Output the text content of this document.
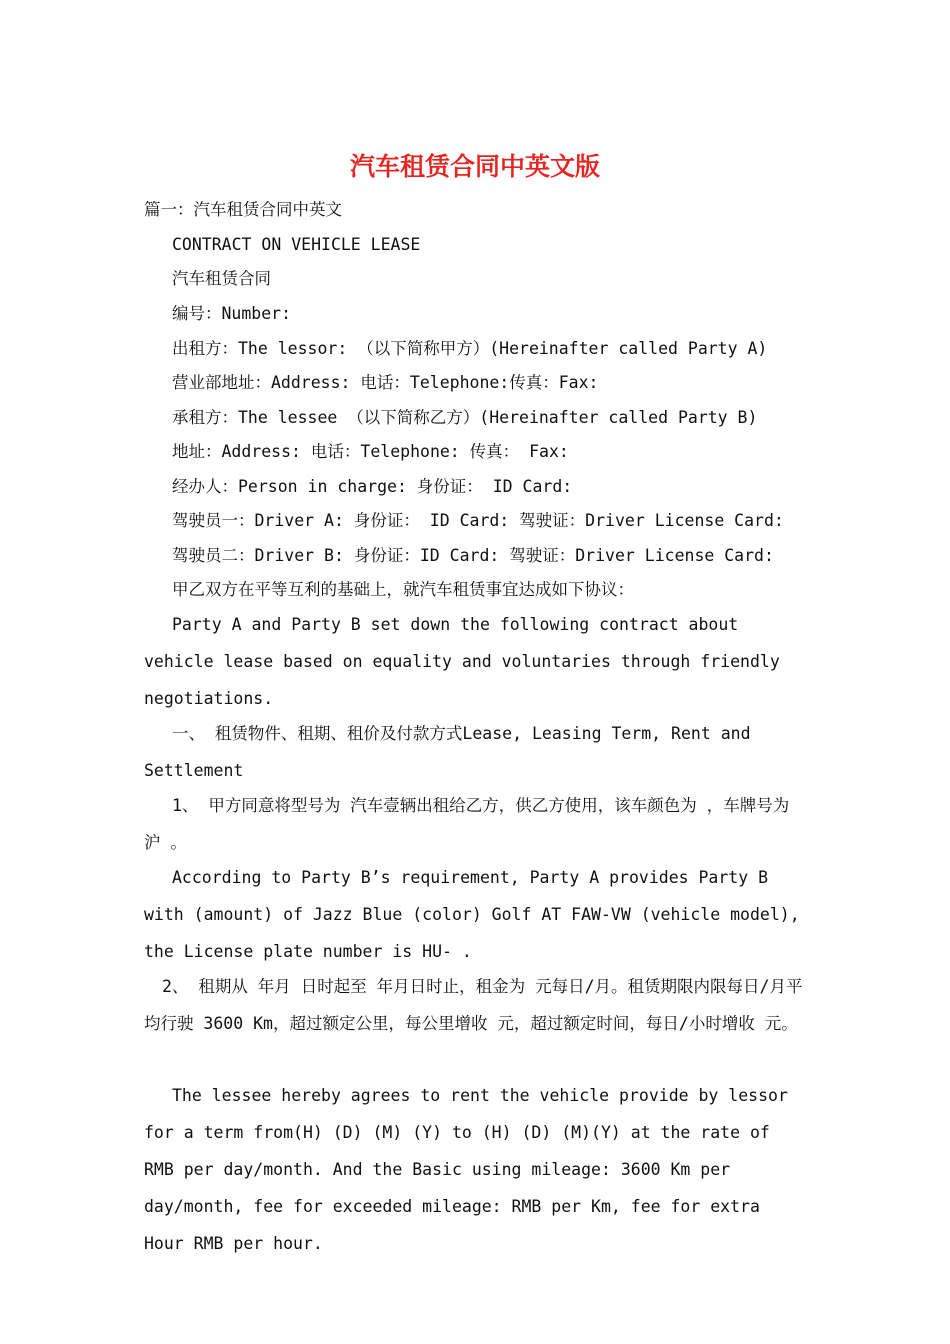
汽车租赁合同中英文版

篇一：汽车租赁合同中英文

CONTRACT ON VEHICLE LEASE

汽车租赁合同

编号：Number:

出租方：The lessor: （以下简称甲方）(Hereinafter called Party A)

营业部地址：Address: 电话：Telephone:传真：Fax:

承租方：The lessee （以下简称乙方）(Hereinafter called Party B)

地址：Address: 电话：Telephone: 传真： Fax:

经办人：Person in charge: 身份证： ID Card:

驾驶员一：Driver A: 身份证： ID Card: 驾驶证：Driver License Card:

驾驶员二：Driver B: 身份证：ID Card: 驾驶证：Driver License Card:

甲乙双方在平等互利的基础上，就汽车租赁事宜达成如下协议：

Party A and Party B set down the following contract about vehicle lease based on equality and voluntaries through friendly negotiations.

一、 租赁物件、租期、租价及付款方式Lease, Leasing Term, Rent and Settlement

1、 甲方同意将型号为 汽车壹辆出租给乙方，供乙方使用，该车颜色为 ，车牌号为 沪 。

According to Party B’s requirement, Party A provides Party B with (amount) of Jazz Blue (color) Golf AT FAW-VW (vehicle model), the License plate number is HU- .

2、 租期从 年月 日时起至 年月日时止，租金为 元每日/月。租赁期限内限每日/月平均行驶 3600 Km，超过额定公里，每公里增收 元，超过额定时间，每日/小时增收 元。

The lessee hereby agrees to rent the vehicle provide by lessor for a term from(H) (D) (M) (Y) to (H) (D) (M)(Y) at the rate of RMB per day/month. And the Basic using mileage: 3600 Km per day/month, fee for exceeded mileage: RMB per Km, fee for extra Hour RMB per hour.
